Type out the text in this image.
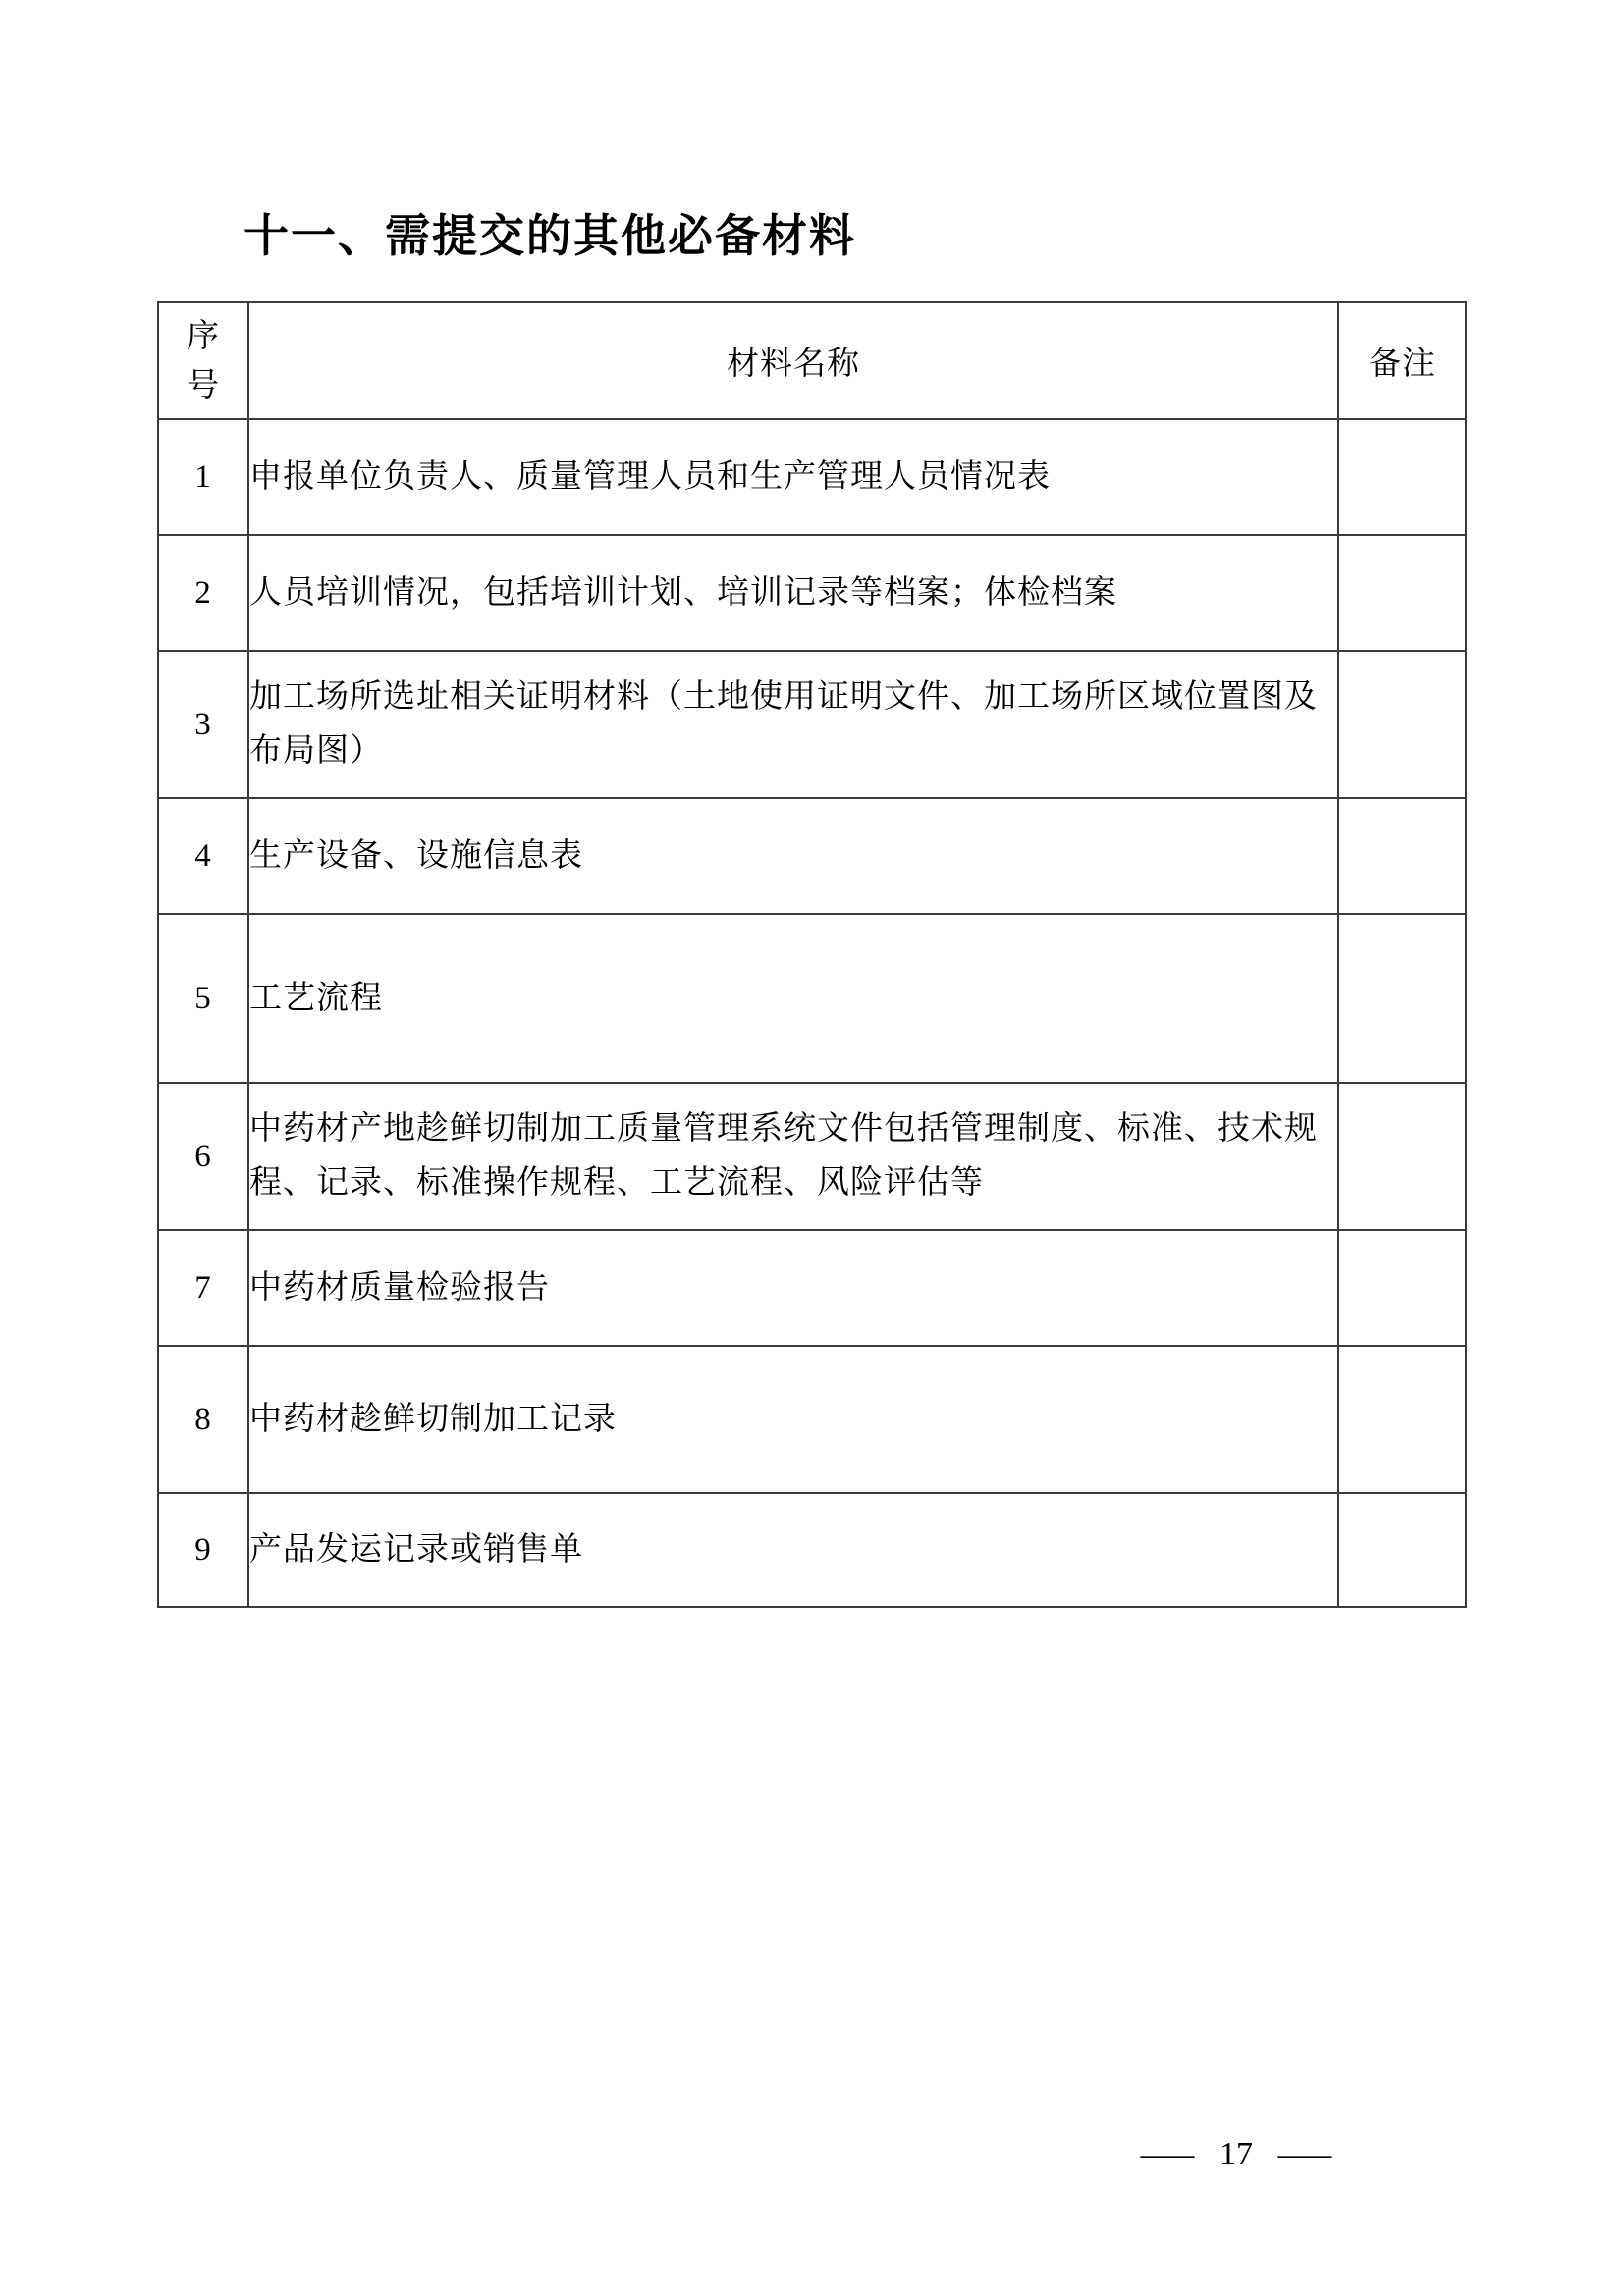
十一、需提交的其他必备材料
序号	材料名称	备注
1	申报单位负责人、质量管理人员和生产管理人员情况表	
2	人员培训情况，包括培训计划、培训记录等档案；体检档案	
3	加工场所选址相关证明材料（土地使用证明文件、加工场所区域位置图及布局图）	
4	生产设备、设施信息表	
5	工艺流程	
6	中药材产地趁鲜切制加工质量管理系统文件包括管理制度、标准、技术规程、记录、标准操作规程、工艺流程、风险评估等	
7	中药材质量检验报告	
8	中药材趁鲜切制加工记录	
9	产品发运记录或销售单	
— 17 —
